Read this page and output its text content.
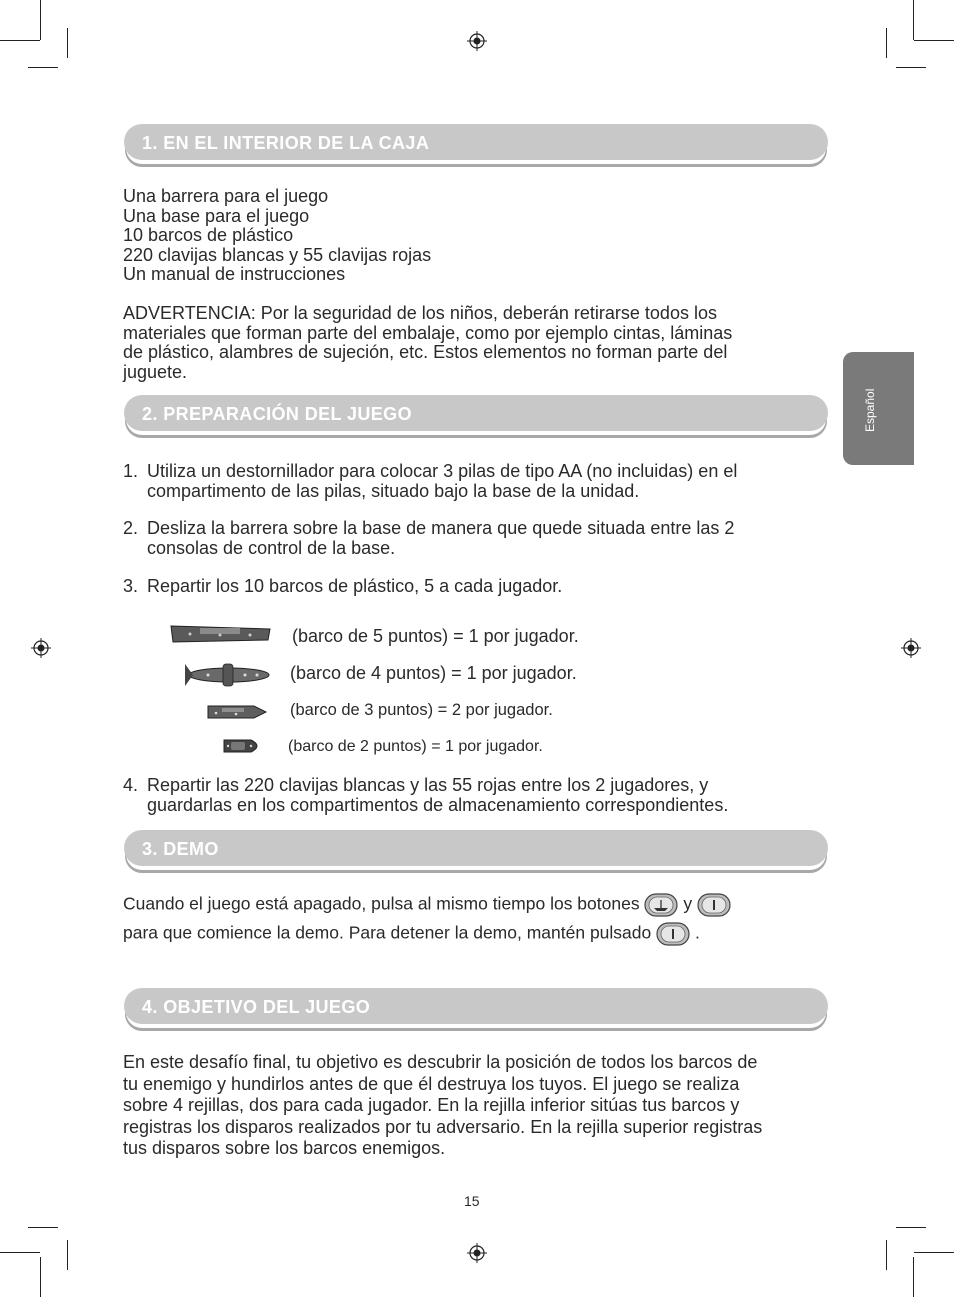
Español
1. EN EL INTERIOR DE LA CAJA
Una barrera para el juego
Una base para el juego
10 barcos de plástico
220 clavijas blancas y 55 clavijas rojas
Un manual de instrucciones
ADVERTENCIA: Por la seguridad de los niños, deberán retirarse todos los
materiales que forman parte del embalaje, como por ejemplo cintas, láminas
de plástico, alambres de sujeción, etc. Estos elementos no forman parte del
juguete.
2. PREPARACIÓN DEL JUEGO
1. Utiliza un destornillador para colocar 3 pilas de tipo AA (no incluidas) en el
compartimento de las pilas, situado bajo la base de la unidad.
2. Desliza la barrera sobre la base de manera que quede situada entre las 2
consolas de control de la base.
3. Repartir los 10 barcos de plástico, 5 a cada jugador.
(barco de 5 puntos) = 1 por jugador.
(barco de 4 puntos) = 1 por jugador.
(barco de 3 puntos) = 2 por jugador.
(barco de 2 puntos) = 1 por jugador.
4. Repartir las 220 clavijas blancas y las 55 rojas entre los 2 jugadores, y
guardarlas en los compartimentos de almacenamiento correspondientes.
3. DEMO
Cuando el juego está apagado, pulsa al mismo tiempo los botones	y
para que comience la demo. Para detener la demo, mantén pulsado	.
4. OBJETIVO DEL JUEGO
En este desafío final, tu objetivo es descubrir la posición de todos los barcos de
tu enemigo y hundirlos antes de que él destruya los tuyos. El juego se realiza
sobre 4 rejillas, dos para cada jugador. En la rejilla inferior sitúas tus barcos y
registras los disparos realizados por tu adversario. En la rejilla superior registras
tus disparos sobre los barcos enemigos.
15
